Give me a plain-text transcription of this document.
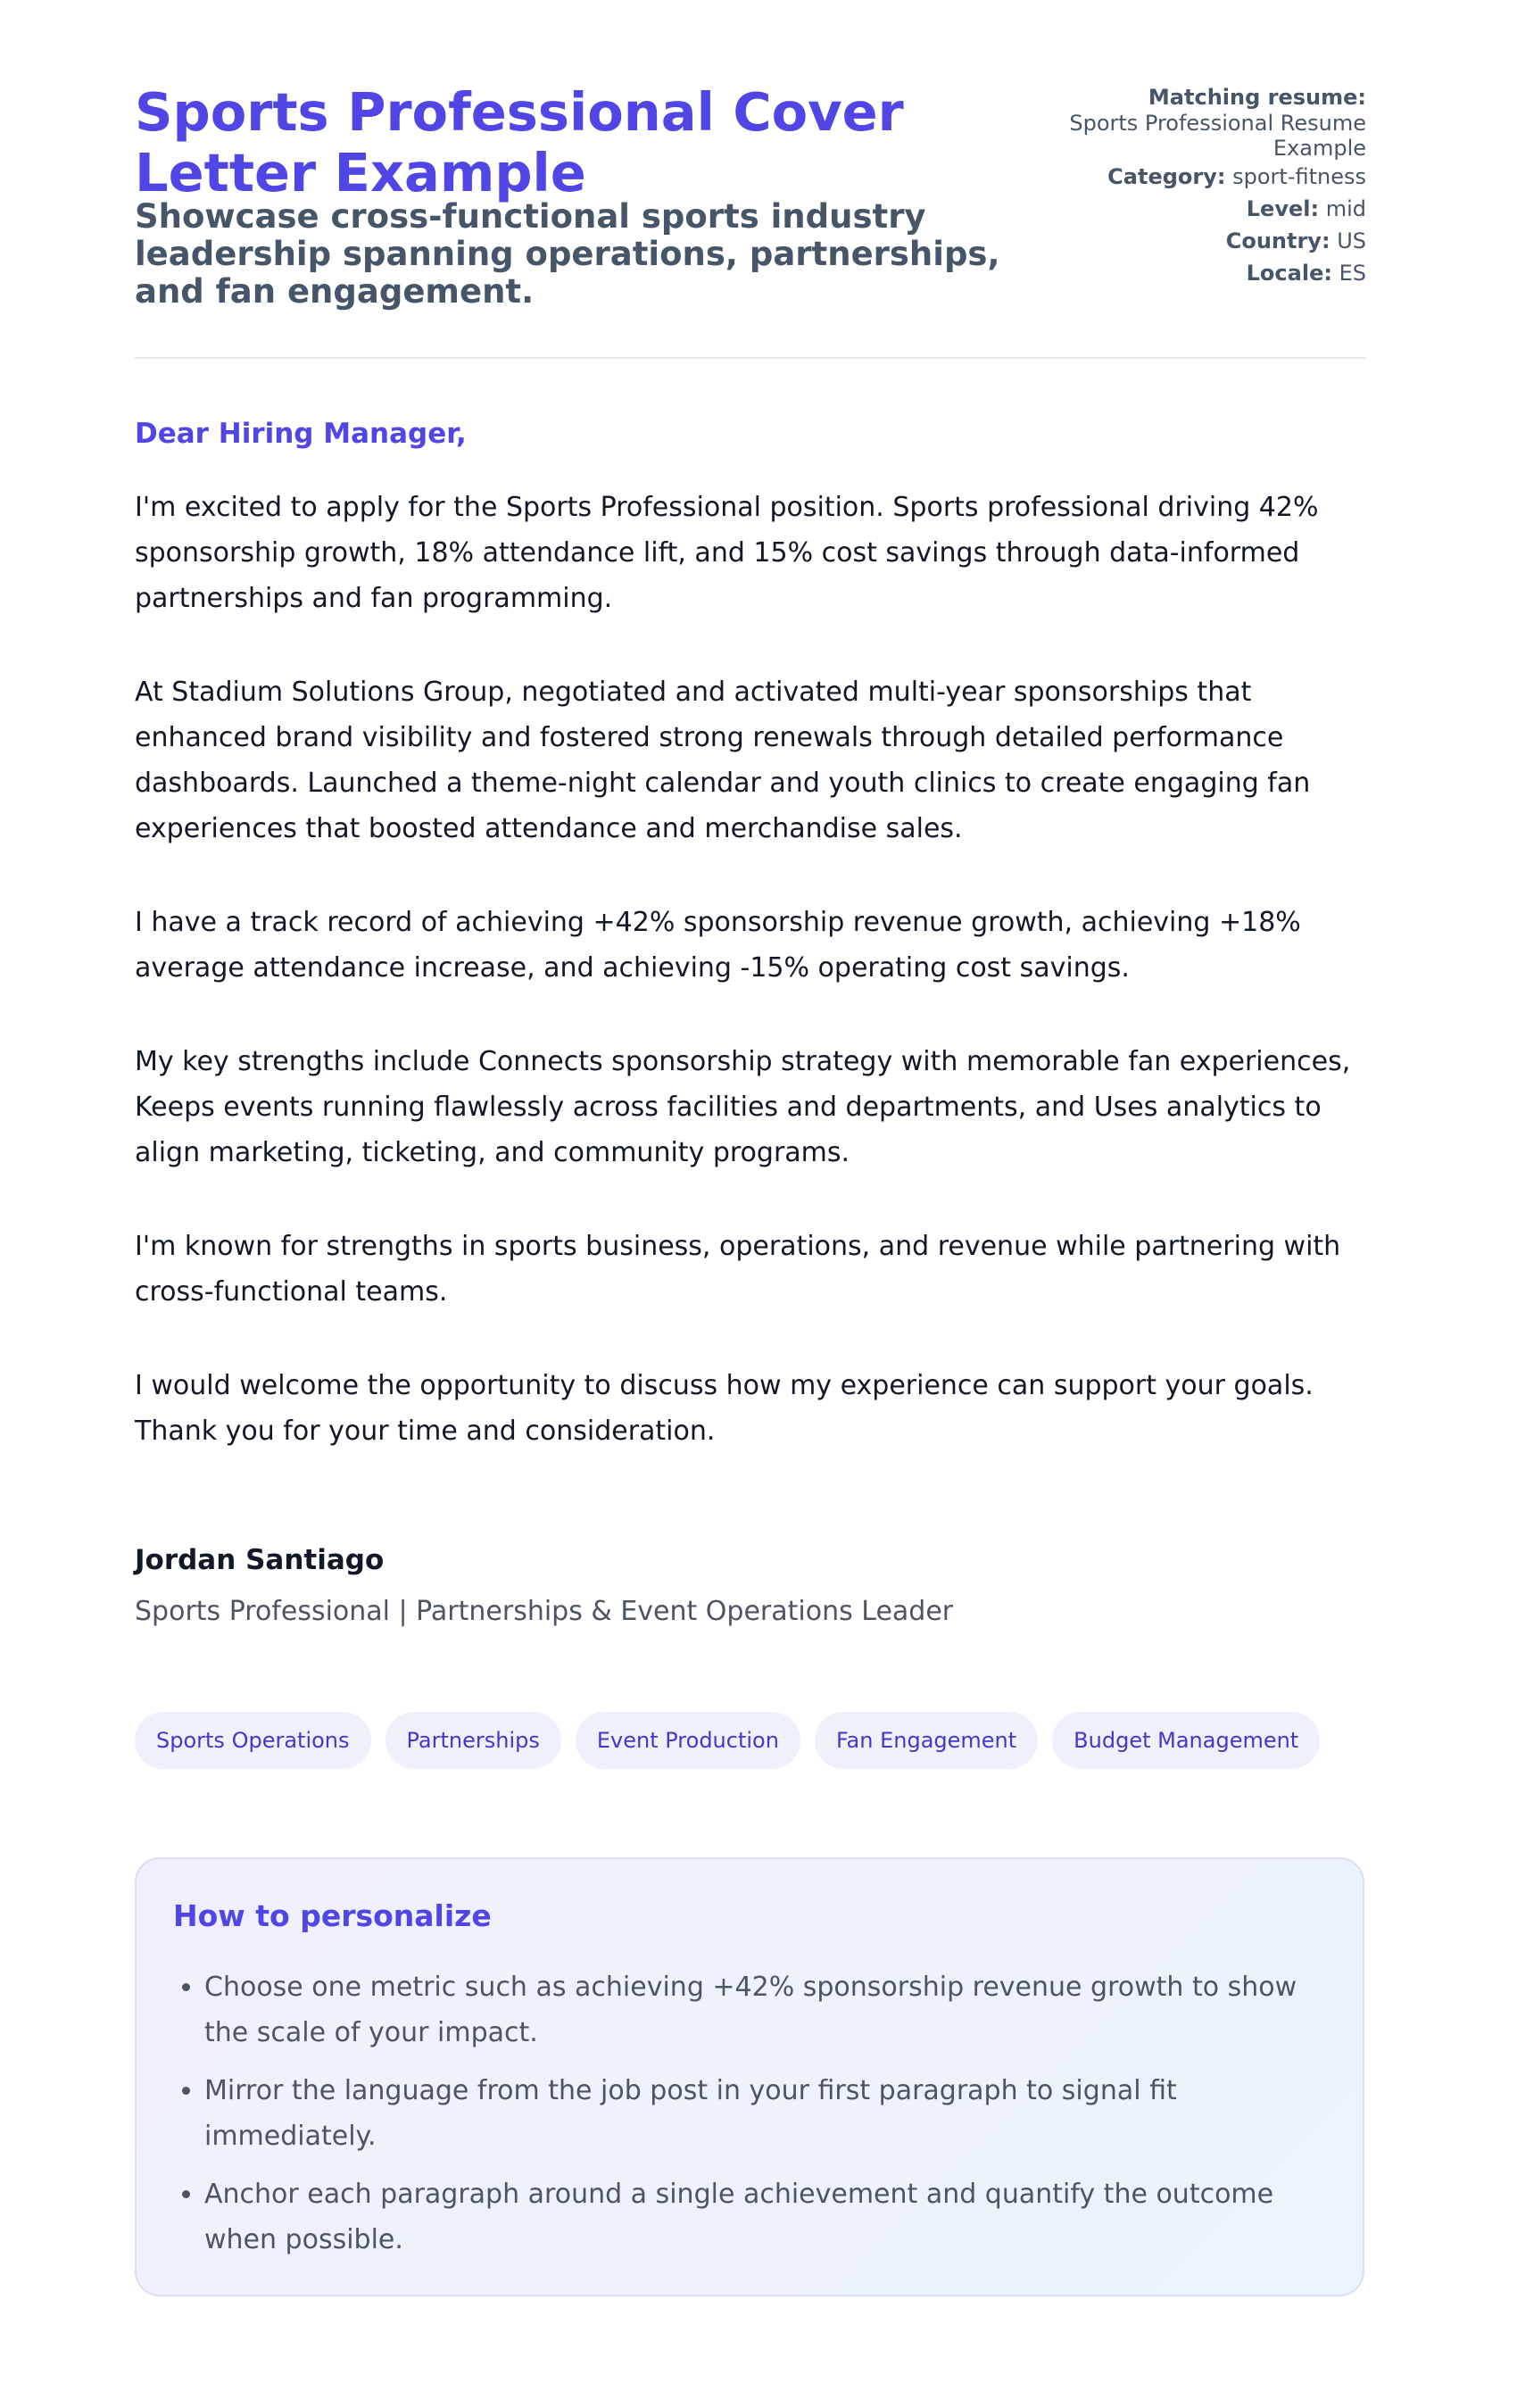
Sports Professional Cover Letter Example
Showcase cross-functional sports industry leadership spanning operations, partnerships, and fan engagement.
Matching resume:
Sports Professional Resume Example
Category: sport-fitness
Level: mid
Country: US
Locale: ES

Dear Hiring Manager,

I'm excited to apply for the Sports Professional position. Sports professional driving 42% sponsorship growth, 18% attendance lift, and 15% cost savings through data-informed partnerships and fan programming.

At Stadium Solutions Group, negotiated and activated multi-year sponsorships that enhanced brand visibility and fostered strong renewals through detailed performance dashboards. Launched a theme-night calendar and youth clinics to create engaging fan experiences that boosted attendance and merchandise sales.

I have a track record of achieving +42% sponsorship revenue growth, achieving +18% average attendance increase, and achieving -15% operating cost savings.

My key strengths include Connects sponsorship strategy with memorable fan experiences, Keeps events running flawlessly across facilities and departments, and Uses analytics to align marketing, ticketing, and community programs.

I'm known for strengths in sports business, operations, and revenue while partnering with cross-functional teams.

I would welcome the opportunity to discuss how my experience can support your goals. Thank you for your time and consideration.

Jordan Santiago

Sports Professional | Partnerships & Event Operations Leader

Sports Operations	Partnerships	Event Production	Fan Engagement	Budget Management
How to personalize
• Choose one metric such as achieving +42% sponsorship revenue growth to show the scale of your impact.
• Mirror the language from the job post in your first paragraph to signal fit immediately.
• Anchor each paragraph around a single achievement and quantify the outcome when possible.
